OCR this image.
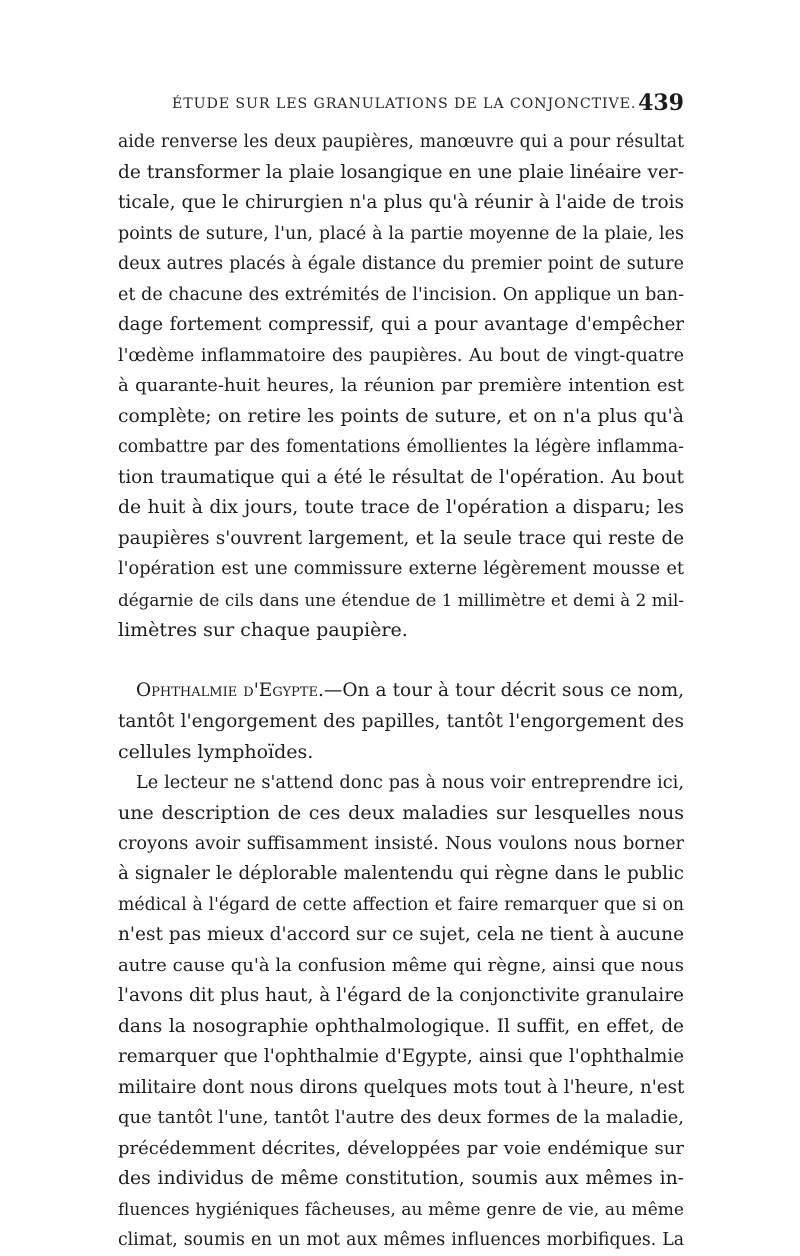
ÉTUDE SUR LES GRANULATIONS DE LA CONJONCTIVE. 439
aide renverse les deux paupières, manœuvre qui a pour résultat
de transformer la plaie losangique en une plaie linéaire ver-
ticale, que le chirurgien n'a plus qu'à réunir à l'aide de trois
points de suture, l'un, placé à la partie moyenne de la plaie, les
deux autres placés à égale distance du premier point de suture
et de chacune des extrémités de l'incision. On applique un ban-
dage fortement compressif, qui a pour avantage d'empêcher
l'œdème inflammatoire des paupières. Au bout de vingt-quatre
à quarante-huit heures, la réunion par première intention est
complète; on retire les points de suture, et on n'a plus qu'à
combattre par des fomentations émollientes la légère inflamma-
tion traumatique qui a été le résultat de l'opération. Au bout
de huit à dix jours, toute trace de l'opération a disparu; les
paupières s'ouvrent largement, et la seule trace qui reste de
l'opération est une commissure externe légèrement mousse et
dégarnie de cils dans une étendue de 1 millimètre et demi à 2 mil-
limètres sur chaque paupière.
Ophthalmie d'Egypte.—On a tour à tour décrit sous ce nom,
tantôt l'engorgement des papilles, tantôt l'engorgement des
cellules lymphoïdes.
Le lecteur ne s'attend donc pas à nous voir entreprendre ici,
une description de ces deux maladies sur lesquelles nous
croyons avoir suffisamment insisté. Nous voulons nous borner
à signaler le déplorable malentendu qui règne dans le public
médical à l'égard de cette affection et faire remarquer que si on
n'est pas mieux d'accord sur ce sujet, cela ne tient à aucune
autre cause qu'à la confusion même qui règne, ainsi que nous
l'avons dit plus haut, à l'égard de la conjonctivite granulaire
dans la nosographie ophthalmologique. Il suffit, en effet, de
remarquer que l'ophthalmie d'Egypte, ainsi que l'ophthalmie
militaire dont nous dirons quelques mots tout à l'heure, n'est
que tantôt l'une, tantôt l'autre des deux formes de la maladie,
précédemment décrites, développées par voie endémique sur
des individus de même constitution, soumis aux mêmes in-
fluences hygiéniques fâcheuses, au même genre de vie, au même
climat, soumis en un mot aux mêmes influences morbifiques. La
